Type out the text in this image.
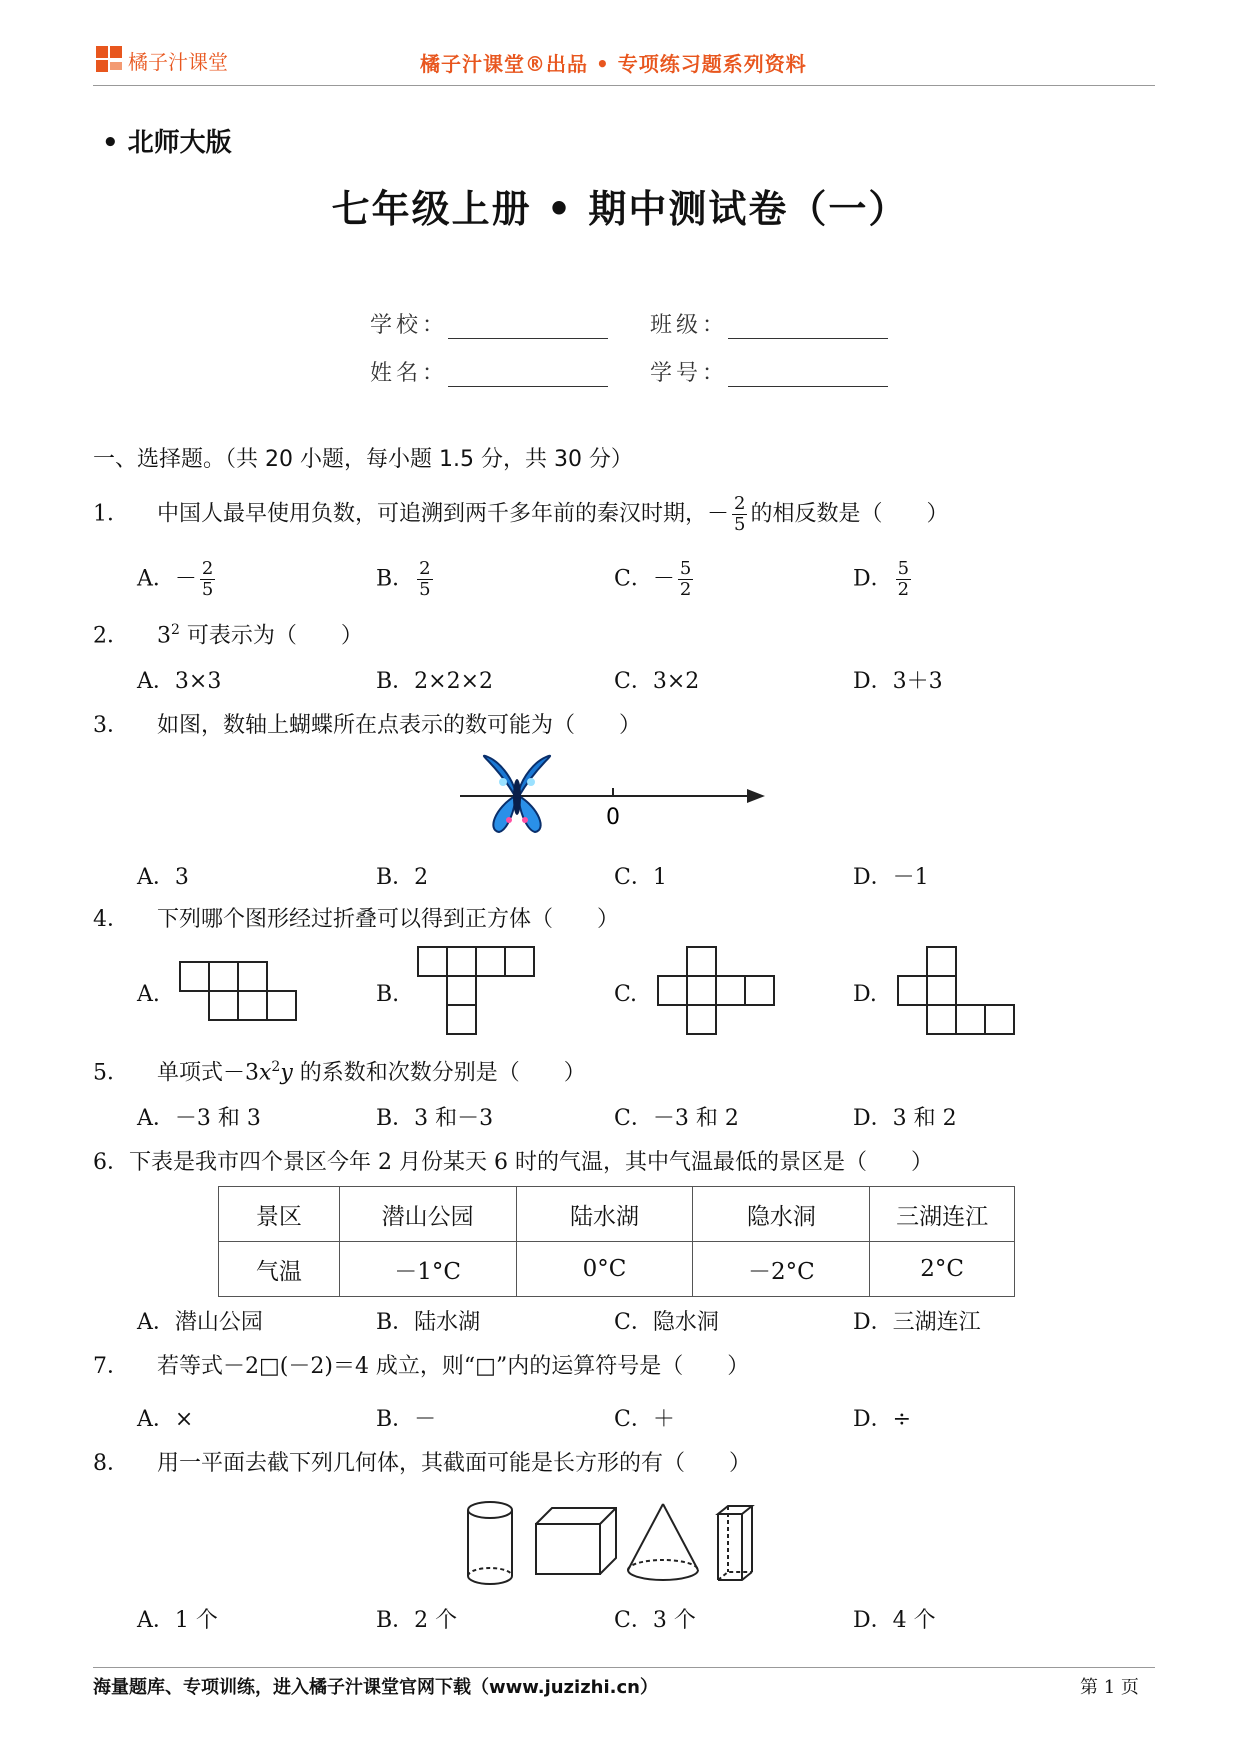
橘子汁课堂	橘子汁课堂®出品 • 专项练习题系列资料
• 北师大版
七年级上册 • 期中测试卷（一）
学校：	班级：
姓名：	学号：
一、选择题。（共 20 小题，每小题 1.5 分，共 30 分）
1． 中国人最早使用负数，可追溯到两千多年前的秦汉时期，－ $\frac{2}{5}$ 的相反数是（　　）
A．－ $\frac{2}{5}$	B． $\frac{2}{5}$	C．－ $\frac{5}{2}$	D． $\frac{5}{2}$
2． $3^2$ 可表示为（　　）
A．3×3	B．2×2×2	C．3×2	D．3＋3
3． 如图，数轴上蝴蝶所在点表示的数可能为（　　）
0
A．3	B．2	C．1	D．－1
4． 下列哪个图形经过折叠可以得到正方体（　　）
A.	B.	C.	D.
5． 单项式$-3x^2y$ 的系数和次数分别是（　　）
A．－3 和 3	B．3 和－3	C．－3 和 2	D．3 和 2
6．下表是我市四个景区今年 2 月份某天 6 时的气温，其中气温最低的景区是（　　）
景区	潜山公园	陆水湖	隐水洞	三湖连江
气温	－1°C	0°C	－2°C	2°C
A．潜山公园	B．陆水湖	C．隐水洞	D．三湖连江
7． 若等式－2□(－2)＝4 成立，则“□”内的运算符号是（　　）
A．×	B．－	C．＋	D．÷
8． 用一平面去截下列几何体，其截面可能是长方形的有（　　）
A．1 个	B．2 个	C．3 个	D．4 个
海量题库、专项训练，进入橘子汁课堂官网下载（www.juzizhi.cn）	第 1 页
